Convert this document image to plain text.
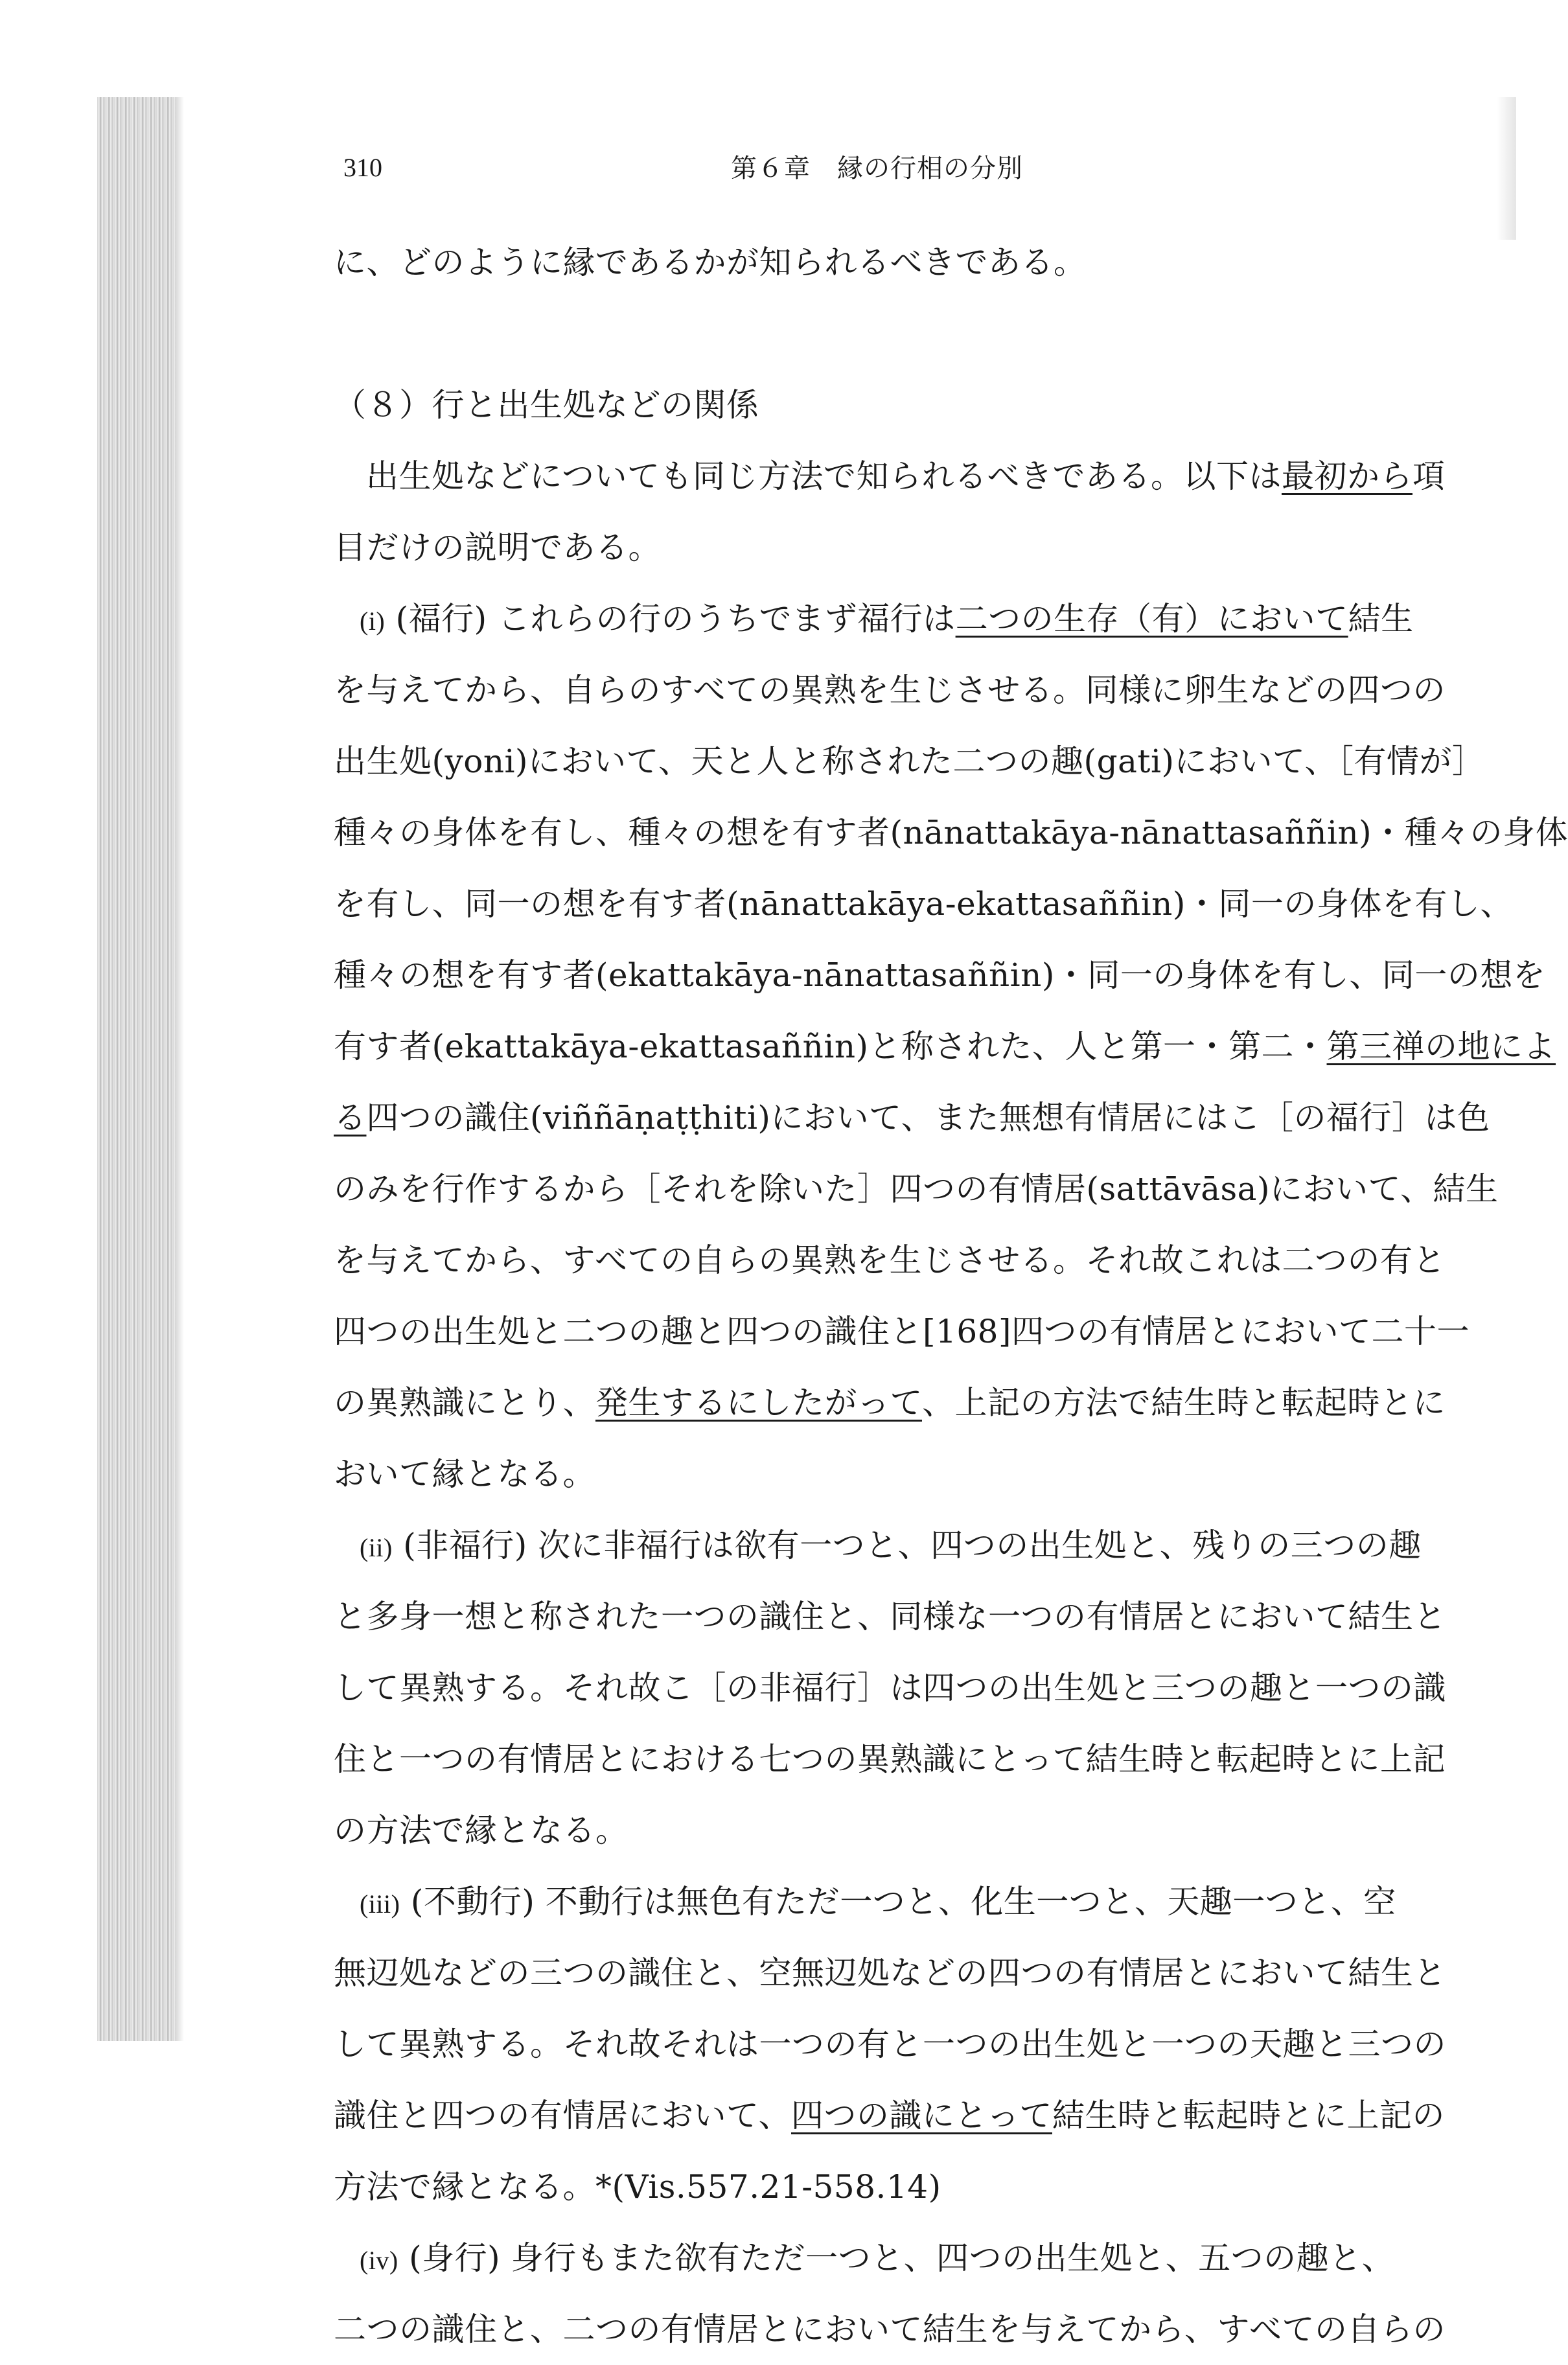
310	第６章　縁の行相の分別
に、どのように縁であるかが知られるべきである。
（８）行と出生処などの関係
出生処などについても同じ方法で知られるべきである。以下は最初から項
目だけの説明である。
(i) (福行) これらの行のうちでまず福行は二つの生存（有）において結生
を与えてから、自らのすべての異熟を生じさせる。同様に卵生などの四つの
出生処(yoni)において、天と人と称された二つの趣(gati)において、［有情が］
種々の身体を有し、種々の想を有す者(nānattakāya-nānattasaññin)・種々の身体
を有し、同一の想を有す者(nānattakāya-ekattasaññin)・同一の身体を有し、
種々の想を有す者(ekattakāya-nānattasaññin)・同一の身体を有し、同一の想を
有す者(ekattakāya-ekattasaññin)と称された、人と第一・第二・第三禅の地によ
る四つの識住(viññāṇaṭṭhiti)において、また無想有情居にはこ［の福行］は色
のみを行作するから［それを除いた］四つの有情居(sattāvāsa)において、結生
を与えてから、すべての自らの異熟を生じさせる。それ故これは二つの有と
四つの出生処と二つの趣と四つの識住と[168]四つの有情居とにおいて二十一
の異熟識にとり、発生するにしたがって、上記の方法で結生時と転起時とに
おいて縁となる。
(ii) (非福行) 次に非福行は欲有一つと、四つの出生処と、残りの三つの趣
と多身一想と称された一つの識住と、同様な一つの有情居とにおいて結生と
して異熟する。それ故こ［の非福行］は四つの出生処と三つの趣と一つの識
住と一つの有情居とにおける七つの異熟識にとって結生時と転起時とに上記
の方法で縁となる。
(iii) (不動行) 不動行は無色有ただ一つと、化生一つと、天趣一つと、空
無辺処などの三つの識住と、空無辺処などの四つの有情居とにおいて結生と
して異熟する。それ故それは一つの有と一つの出生処と一つの天趣と三つの
識住と四つの有情居において、四つの識にとって結生時と転起時とに上記の
方法で縁となる。*(Vis.557.21-558.14)
(iv) (身行) 身行もまた欲有ただ一つと、四つの出生処と、五つの趣と、
二つの識住と、二つの有情居とにおいて結生を与えてから、すべての自らの
